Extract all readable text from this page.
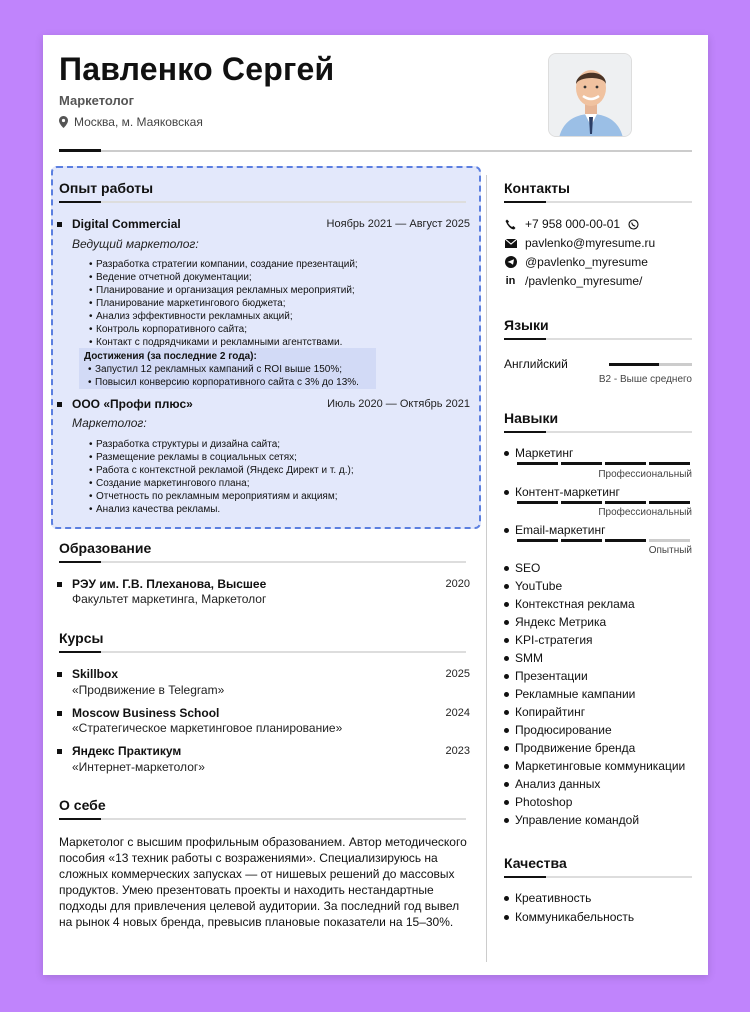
Павленко Сергей
Маркетолог
Москва, м. Маяковская
Опыт работы
Digital Commercial	Ноябрь 2021 — Август 2025
Ведущий маркетолог:
• Разработка стратегии компании, создание презентаций;
• Ведение отчетной документации;
• Планирование и организация рекламных мероприятий;
• Планирование маркетингового бюджета;
• Анализ эффективности рекламных акций;
• Контроль корпоративного сайта;
• Контакт с подрядчиками и рекламными агентствами.
Достижения (за последние 2 года):
• Запустил 12 рекламных кампаний с ROI выше 150%;
• Повысил конверсию корпоративного сайта с 3% до 13%.
ООО «Профи плюс»	Июль 2020 — Октябрь 2021
Маркетолог:
• Разработка структуры и дизайна сайта;
• Размещение рекламы в социальных сетях;
• Работа с контекстной рекламой (Яндекс Директ и т. д.);
• Создание маркетингового плана;
• Отчетность по рекламным мероприятиям и акциям;
• Анализ качества рекламы.
Образование
РЭУ им. Г.В. Плеханова, Высшее	2020
Факультет маркетинга, Маркетолог
Курсы
Skillbox	2025
«Продвижение в Telegram»
Moscow Business School	2024
«Стратегическое маркетинговое планирование»
Яндекс Практикум	2023
«Интернет-маркетолог»
О себе
Маркетолог с высшим профильным образованием. Автор методического пособия «13 техник работы с возражениями». Специализируюсь на сложных коммерческих запусках — от нишевых решений до массовых продуктов. Умею презентовать проекты и находить нестандартные подходы для привлечения целевой аудитории. За последний год вывел на рынок 4 новых бренда, превысив плановые показатели на 15–30%.
Контакты
+7 958 000-00-01
pavlenko@myresume.ru
@pavlenko_myresume
in /pavlenko_myresume/
Языки
Английский
B2 - Выше среднего
Навыки
Маркетинг
Профессиональный
Контент-маркетинг
Профессиональный
Email-маркетинг
Опытный
SEO
YouTube
Контекстная реклама
Яндекс Метрика
KPI-стратегия
SMM
Презентации
Рекламные кампании
Копирайтинг
Продюсирование
Продвижение бренда
Маркетинговые коммуникации
Анализ данных
Photoshop
Управление командой
Качества
Креативность
Коммуникабельность
